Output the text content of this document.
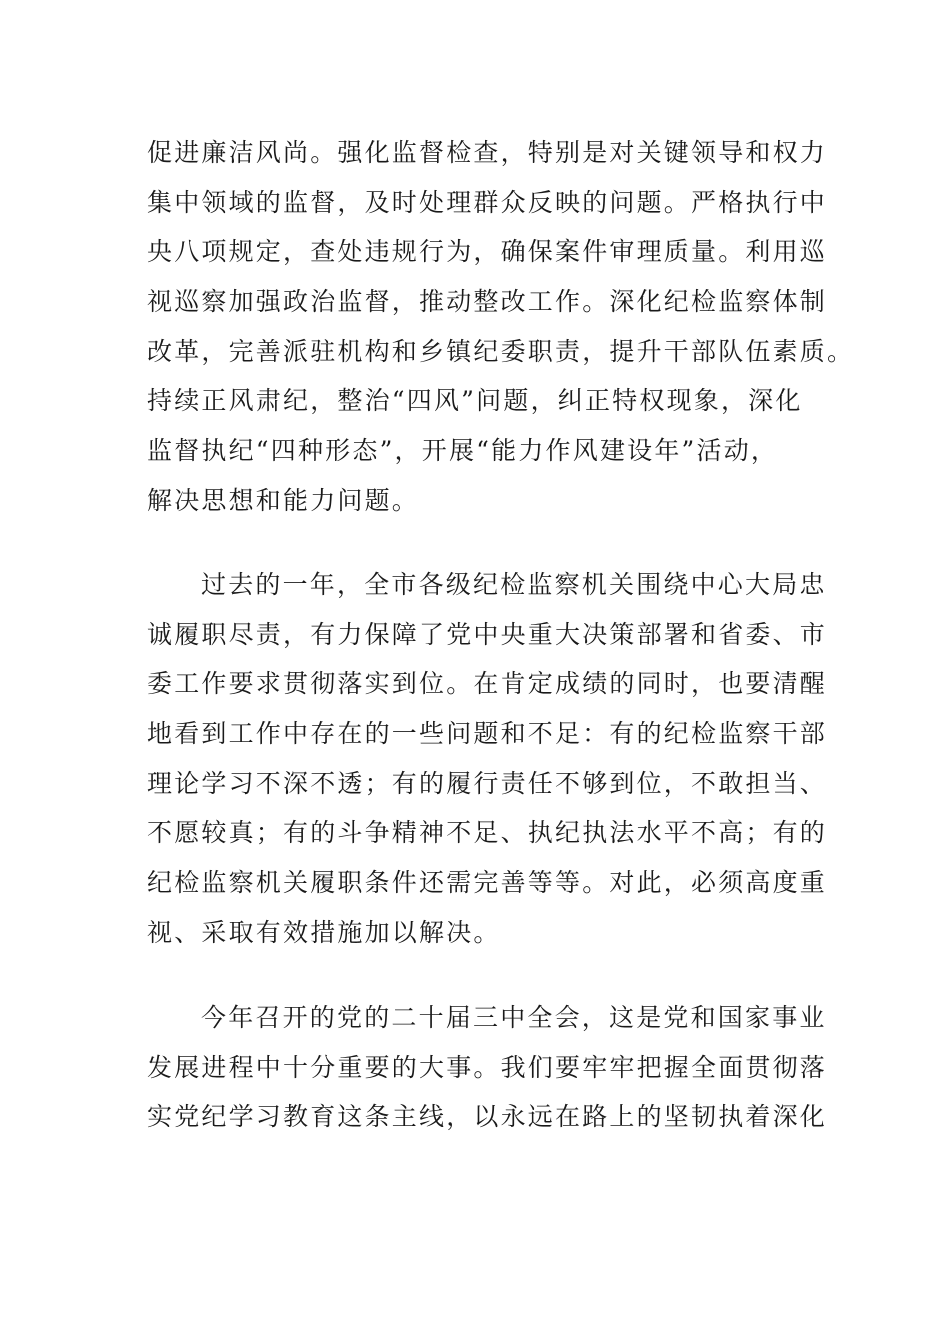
促进廉洁风尚。强化监督检查，特别是对关键领导和权力
集中领域的监督，及时处理群众反映的问题。严格执行中
央八项规定，查处违规行为，确保案件审理质量。利用巡
视巡察加强政治监督，推动整改工作。深化纪检监察体制
改革，完善派驻机构和乡镇纪委职责，提升干部队伍素质。
持续正风肃纪，整治“四风”问题，纠正特权现象，深化
监督执纪“四种形态”，开展“能力作风建设年”活动，
解决思想和能力问题。
过去的一年，全市各级纪检监察机关围绕中心大局忠
诚履职尽责，有力保障了党中央重大决策部署和省委、市
委工作要求贯彻落实到位。在肯定成绩的同时，也要清醒
地看到工作中存在的一些问题和不足：有的纪检监察干部
理论学习不深不透；有的履行责任不够到位，不敢担当、
不愿较真；有的斗争精神不足、执纪执法水平不高；有的
纪检监察机关履职条件还需完善等等。对此，必须高度重
视、采取有效措施加以解决。
今年召开的党的二十届三中全会，这是党和国家事业
发展进程中十分重要的大事。我们要牢牢把握全面贯彻落
实党纪学习教育这条主线，以永远在路上的坚韧执着深化
